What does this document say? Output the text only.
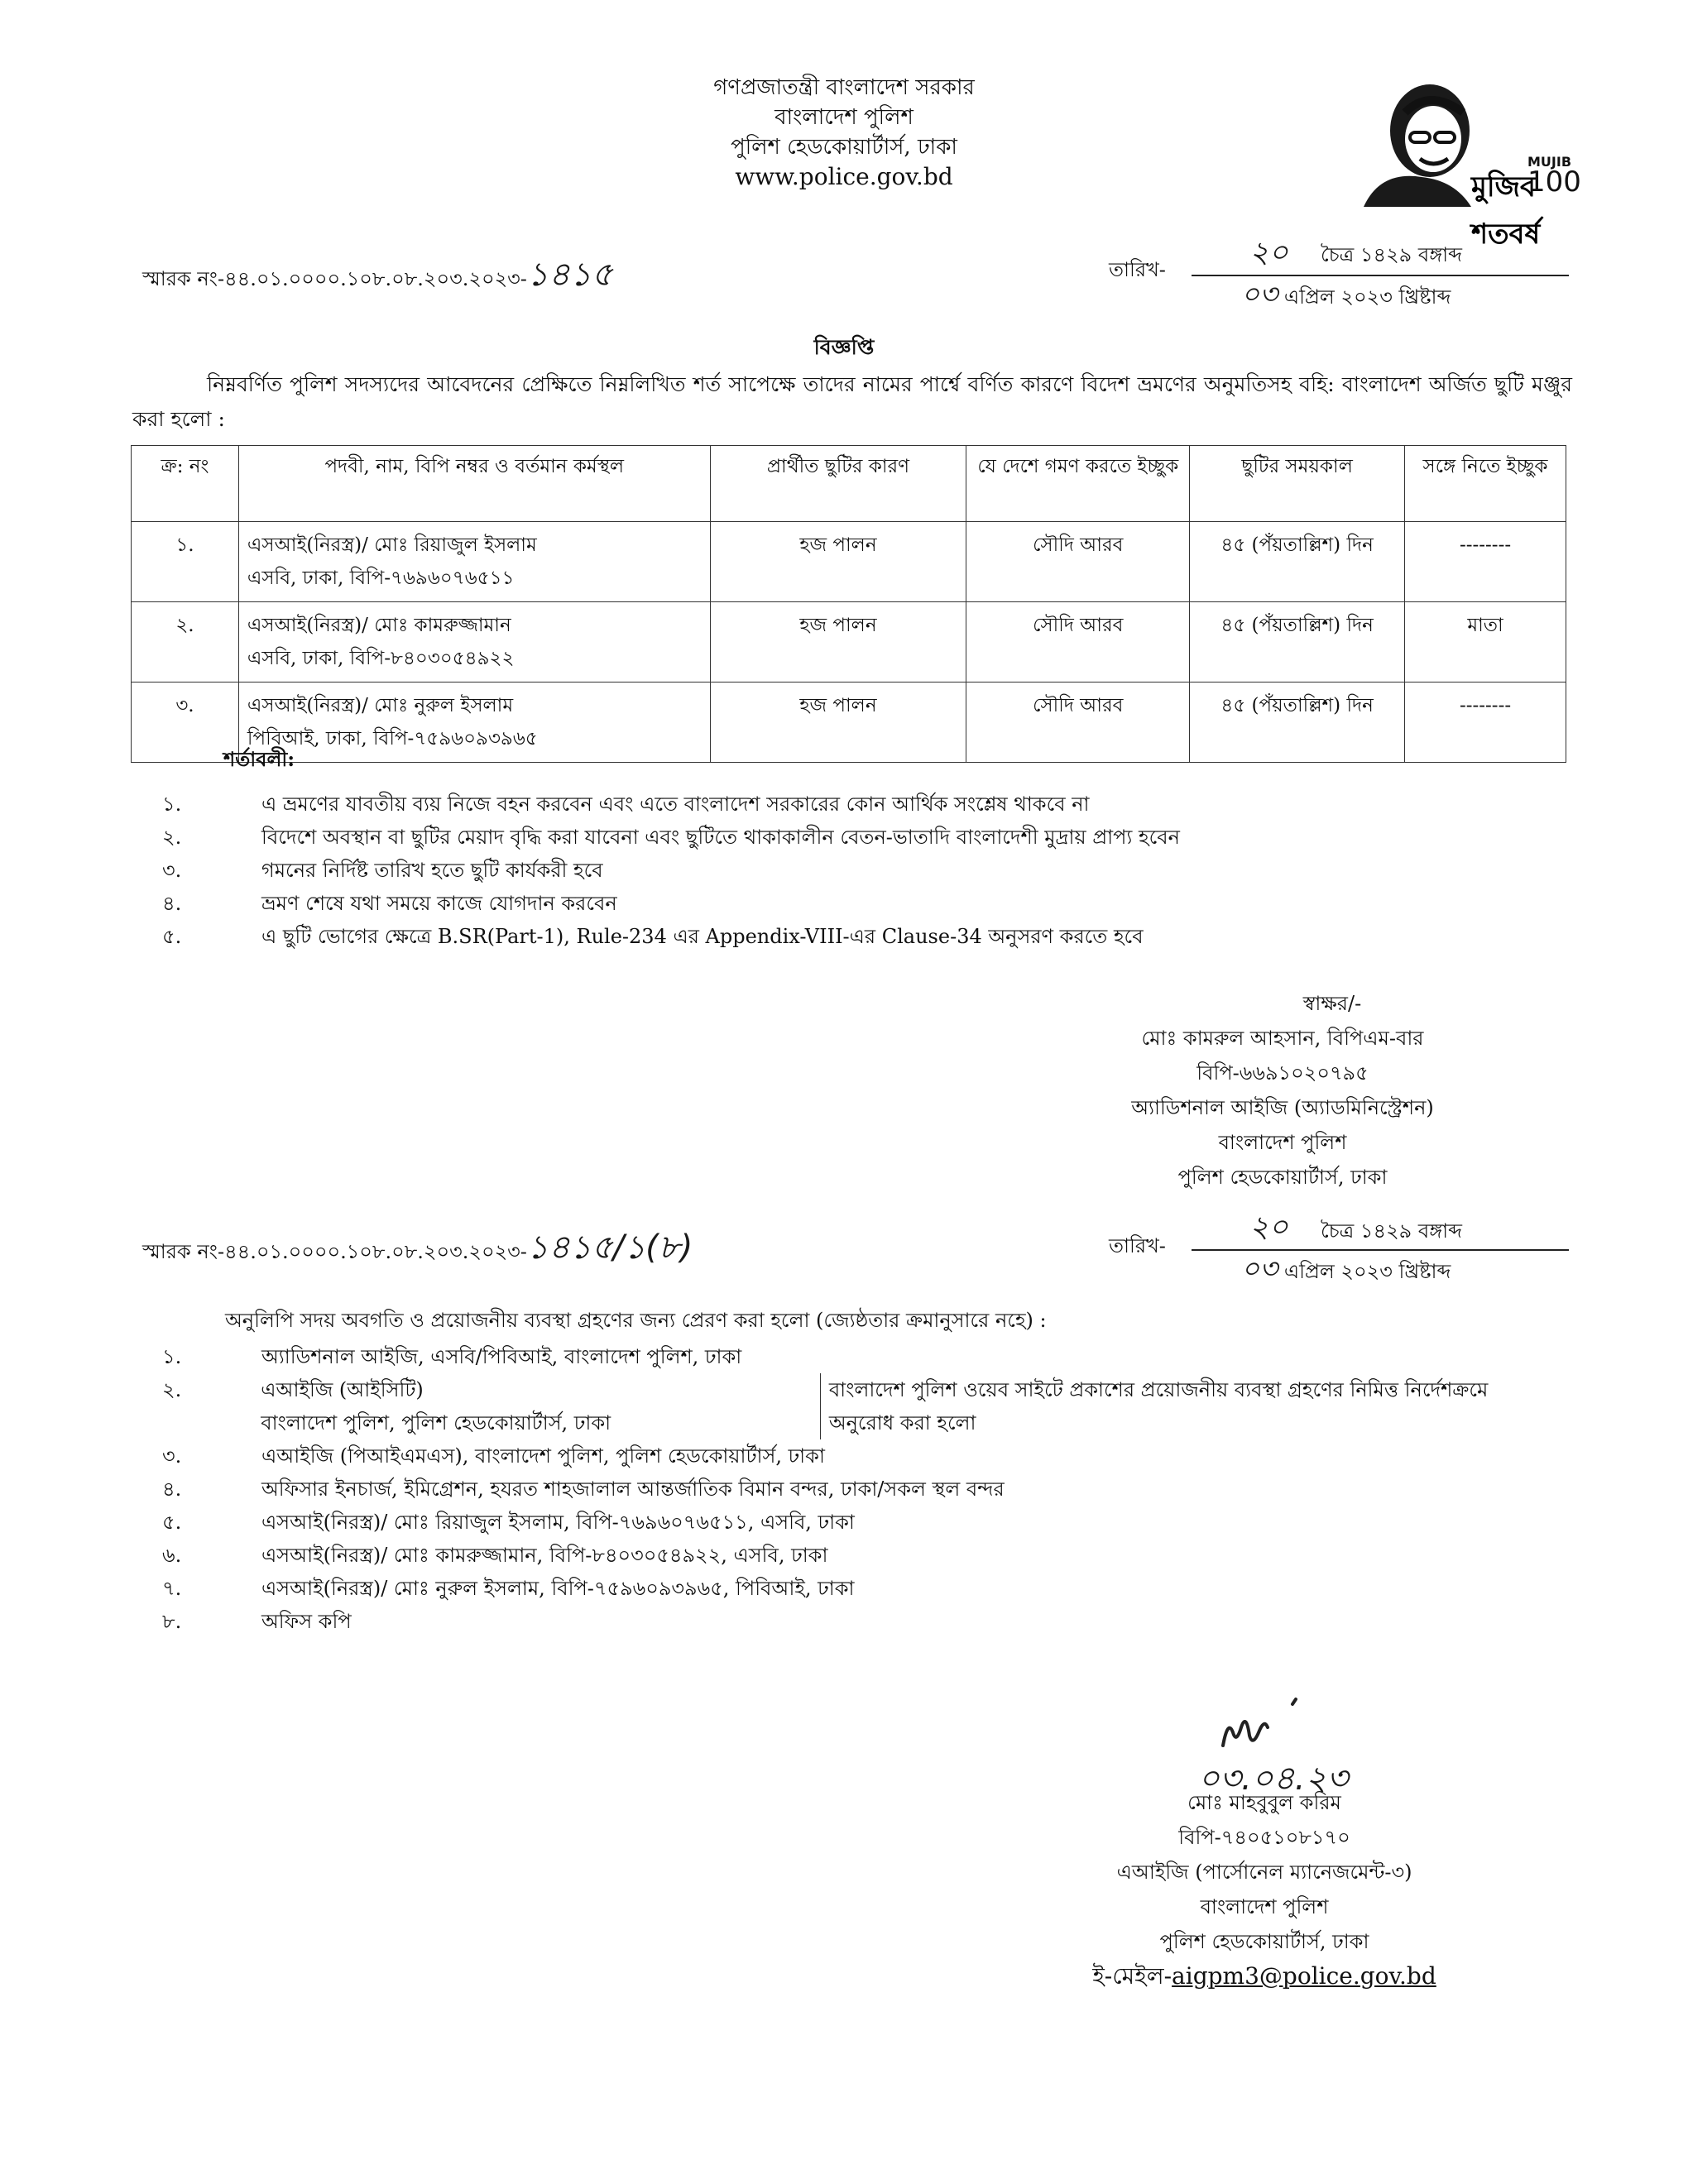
গণপ্রজাতন্ত্রী বাংলাদেশ সরকার
বাংলাদেশ পুলিশ
পুলিশ হেডকোয়ার্টার্স, ঢাকা
www.police.gov.bd	মুজিব শতবর্ষ
MUJIB
100
স্মারক নং-৪৪.০১.০০০০.১০৮.০৮.২০৩.২০২৩-১৪১৫	তারিখ-	২০ চৈত্র ১৪২৯ বঙ্গাব্দ
০৩ এপ্রিল ২০২৩ খ্রিষ্টাব্দ
বিজ্ঞপ্তি
নিম্নবর্ণিত পুলিশ সদস্যদের আবেদনের প্রেক্ষিতে নিম্নলিখিত শর্ত সাপেক্ষে তাদের নামের পার্শ্বে বর্ণিত কারণে বিদেশ ভ্রমণের অনুমতিসহ বহি: বাংলাদেশ অর্জিত ছুটি মঞ্জুর করা হলো :
ক্র: নং	পদবী, নাম, বিপি নম্বর ও বর্তমান কর্মস্থল	প্রার্থীত ছুটির কারণ	যে দেশে গমণ করতে ইচ্ছুক	ছুটির সময়কাল	সঙ্গে নিতে ইচ্ছুক
১.	এসআই(নিরস্ত্র)/ মোঃ রিয়াজুল ইসলাম
এসবি, ঢাকা, বিপি-৭৬৯৬০৭৬৫১১	হজ পালন	সৌদি আরব	৪৫ (পঁয়তাল্লিশ) দিন	--------
২.	এসআই(নিরস্ত্র)/ মোঃ কামরুজ্জামান
এসবি, ঢাকা, বিপি-৮৪০৩০৫৪৯২২	হজ পালন	সৌদি আরব	৪৫ (পঁয়তাল্লিশ) দিন	মাতা
৩.	এসআই(নিরস্ত্র)/ মোঃ নুরুল ইসলাম
পিবিআই, ঢাকা, বিপি-৭৫৯৬০৯৩৯৬৫	হজ পালন	সৌদি আরব	৪৫ (পঁয়তাল্লিশ) দিন	--------
শর্তাবলী:
১.	এ ভ্রমণের যাবতীয় ব্যয় নিজে বহন করবেন এবং এতে বাংলাদেশ সরকারের কোন আর্থিক সংশ্লেষ থাকবে না
২.	বিদেশে অবস্থান বা ছুটির মেয়াদ বৃদ্ধি করা যাবেনা এবং ছুটিতে থাকাকালীন বেতন-ভাতাদি বাংলাদেশী মুদ্রায় প্রাপ্য হবেন
৩.	গমনের নির্দিষ্ট তারিখ হতে ছুটি কার্যকরী হবে
৪.	ভ্রমণ শেষে যথা সময়ে কাজে যোগদান করবেন
৫.	এ ছুটি ভোগের ক্ষেত্রে B.SR(Part-1), Rule-234 এর Appendix-VIII-এর Clause-34 অনুসরণ করতে হবে
স্বাক্ষর/-
মোঃ কামরুল আহসান, বিপিএম-বার
বিপি-৬৬৯১০২০৭৯৫
অ্যাডিশনাল আইজি (অ্যাডমিনিস্ট্রেশন)
বাংলাদেশ পুলিশ
পুলিশ হেডকোয়ার্টার্স, ঢাকা
স্মারক নং-৪৪.০১.০০০০.১০৮.০৮.২০৩.২০২৩-১৪১৫/১(৮)	তারিখ-
২০ চৈত্র ১৪২৯ বঙ্গাব্দ
০৩ এপ্রিল ২০২৩ খ্রিষ্টাব্দ
অনুলিপি সদয় অবগতি ও প্রয়োজনীয় ব্যবস্থা গ্রহণের জন্য প্রেরণ করা হলো (জ্যেষ্ঠতার ক্রমানুসারে নহে) :
১.	অ্যাডিশনাল আইজি, এসবি/পিবিআই, বাংলাদেশ পুলিশ, ঢাকা
২.	এআইজি (আইসিটি)
বাংলাদেশ পুলিশ, পুলিশ হেডকোয়ার্টার্স, ঢাকা
বাংলাদেশ পুলিশ ওয়েব সাইটে প্রকাশের প্রয়োজনীয় ব্যবস্থা গ্রহণের নিমিত্ত নির্দেশক্রমে
অনুরোধ করা হলো
৩.	এআইজি (পিআইএমএস), বাংলাদেশ পুলিশ, পুলিশ হেডকোয়ার্টার্স, ঢাকা
৪.	অফিসার ইনচার্জ, ইমিগ্রেশন, হযরত শাহজালাল আন্তর্জাতিক বিমান বন্দর, ঢাকা/সকল স্থল বন্দর
৫.	এসআই(নিরস্ত্র)/ মোঃ রিয়াজুল ইসলাম, বিপি-৭৬৯৬০৭৬৫১১, এসবি, ঢাকা
৬.	এসআই(নিরস্ত্র)/ মোঃ কামরুজ্জামান, বিপি-৮৪০৩০৫৪৯২২, এসবি, ঢাকা
৭.	এসআই(নিরস্ত্র)/ মোঃ নুরুল ইসলাম, বিপি-৭৫৯৬০৯৩৯৬৫, পিবিআই, ঢাকা
৮.	অফিস কপি
০৩.০৪.২৩
মোঃ মাহবুবুল করিম
বিপি-৭৪০৫১০৮১৭০
এআইজি (পার্সোনেল ম্যানেজমেন্ট-৩)
বাংলাদেশ পুলিশ
পুলিশ হেডকোয়ার্টার্স, ঢাকা
ই-মেইল-aigpm3@police.gov.bd
